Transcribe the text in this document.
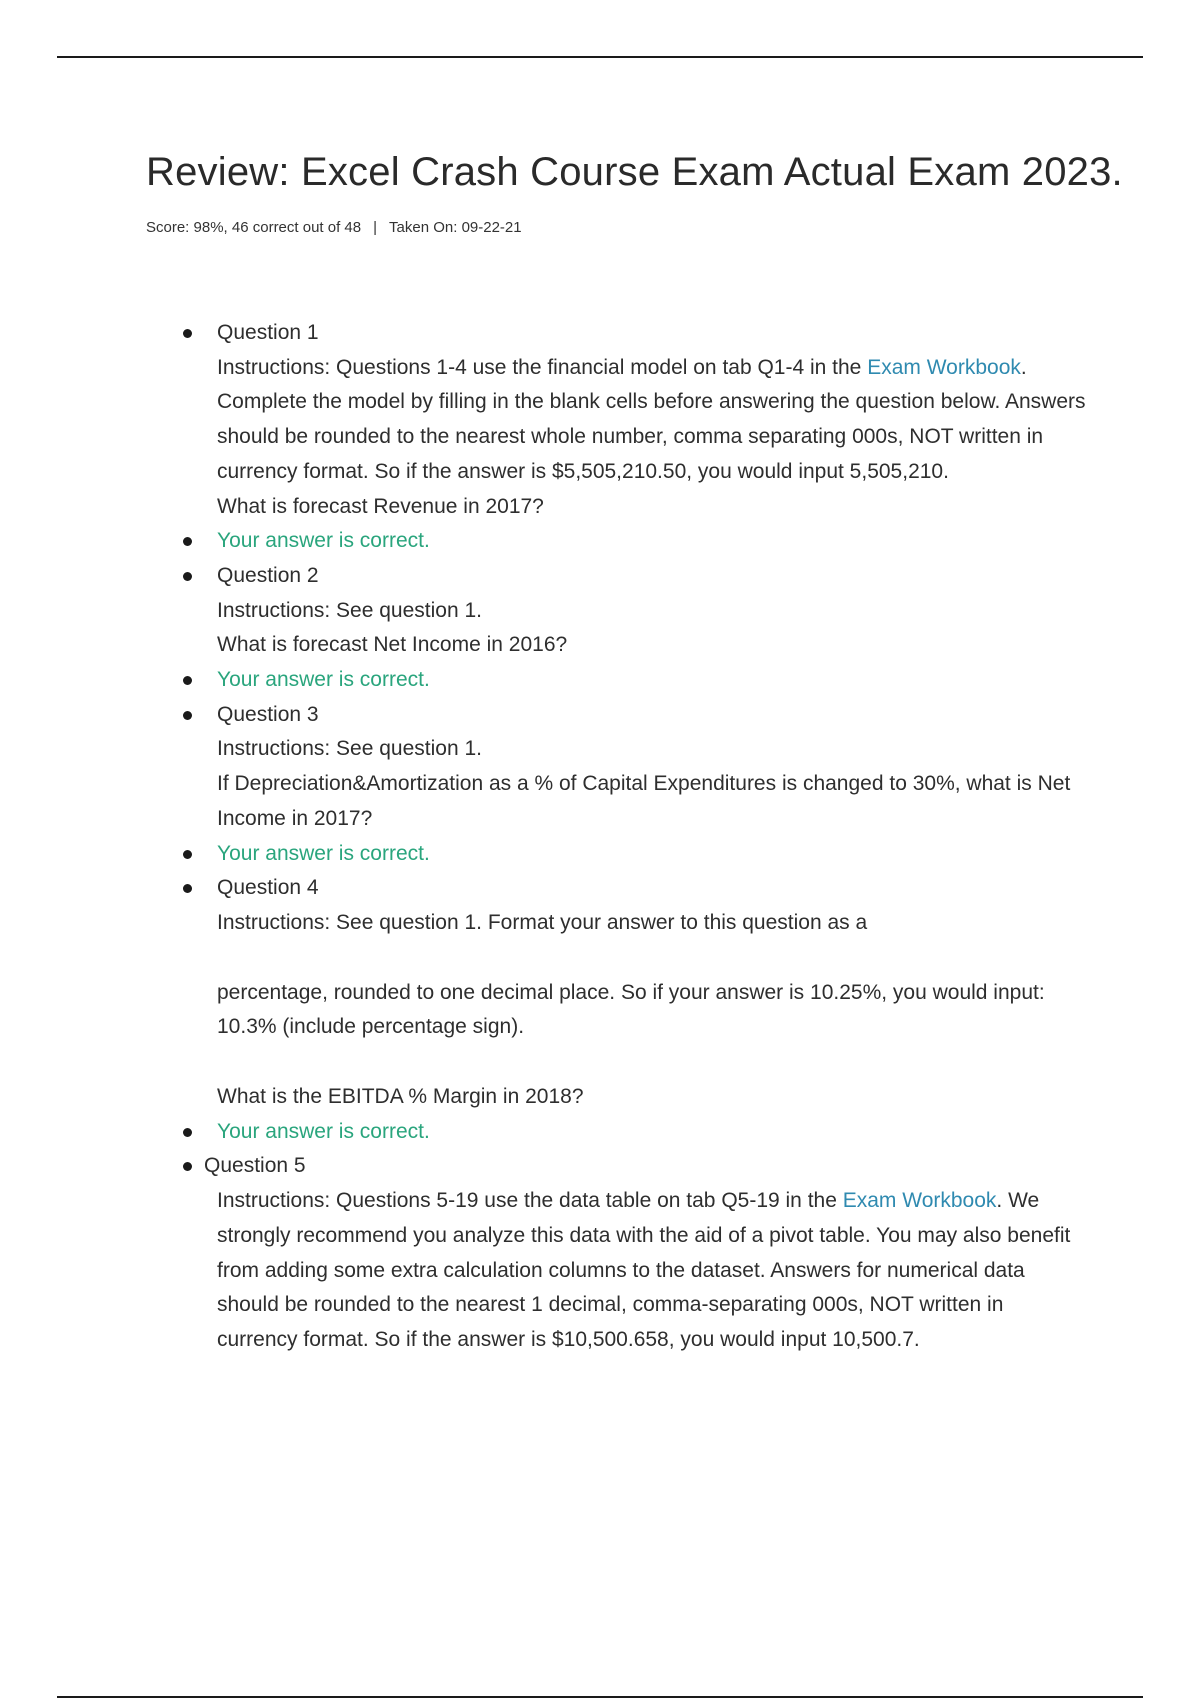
Review: Excel Crash Course Exam Actual Exam 2023.
Score: 98%, 46 correct out of 48 | Taken On: 09-22-21
Question 1
Instructions: Questions 1-4 use the financial model on tab Q1-4 in the Exam Workbook. Complete the model by filling in the blank cells before answering the question below. Answers should be rounded to the nearest whole number, comma separating 000s, NOT written in currency format. So if the answer is $5,505,210.50, you would input 5,505,210.
What is forecast Revenue in 2017?
Your answer is correct.
Question 2
Instructions: See question 1.
What is forecast Net Income in 2016?
Your answer is correct.
Question 3
Instructions: See question 1.
If Depreciation&Amortization as a % of Capital Expenditures is changed to 30%, what is Net Income in 2017?
Your answer is correct.
Question 4
Instructions: See question 1. Format your answer to this question as a
percentage, rounded to one decimal place. So if your answer is 10.25%, you would input: 10.3% (include percentage sign).
What is the EBITDA % Margin in 2018?
Your answer is correct.
Question 5
Instructions: Questions 5-19 use the data table on tab Q5-19 in the Exam Workbook. We strongly recommend you analyze this data with the aid of a pivot table. You may also benefit from adding some extra calculation columns to the dataset. Answers for numerical data should be rounded to the nearest 1 decimal, comma-separating 000s, NOT written in currency format. So if the answer is $10,500.658, you would input 10,500.7.
